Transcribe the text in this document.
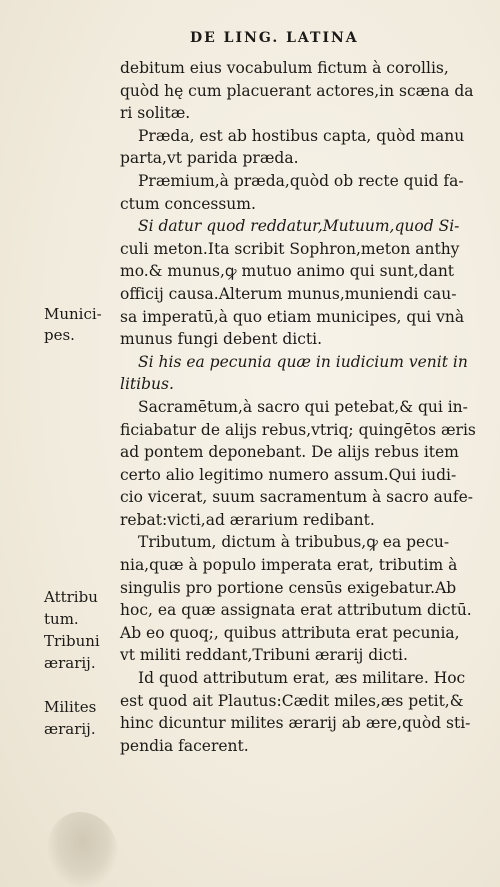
DE LING. LATINA
debitum eius vocabulum fictum à corollis,
quòd hę cum placuerant actores,in scæna da
ri solitæ.
Præda, est ab hostibus capta, quòd manu
parta,vt parida præda.
Præmium,à præda,quòd ob recte quid fa-
ctum concessum.
Si datur quod reddatur,Mutuum,quod Si-
culi meton.Ita scribit Sophron,meton anthy
mo.& munus,ꝙ mutuo animo qui sunt,dant
officij causa.Alterum munus,muniendi cau-
sa imperatū,à quo etiam municipes, qui vnà
munus fungi debent dicti.
Si his ea pecunia quæ in iudicium venit in
litibus.
Sacramētum,à sacro qui petebat,& qui in-
ficiabatur de alijs rebus,vtriq; quingētos æris
ad pontem deponebant. De alijs rebus item
certo alio legitimo numero assum.Qui iudi-
cio vicerat, suum sacramentum à sacro aufe-
rebat:victi,ad ærarium redibant.
Tributum, dictum à tribubus,ꝙ ea pecu-
nia,quæ à populo imperata erat, tributim à
singulis pro portione censūs exigebatur.Ab
hoc, ea quæ assignata erat attributum dictū.
Ab eo quoq;, quibus attributa erat pecunia,
vt militi reddant,Tribuni ærarij dicti.
Id quod attributum erat, æs militare. Hoc
est quod ait Plautus:Cædit miles,æs petit,&
hinc dicuntur milites ærarij ab ære,quòd sti-
pendia facerent.
Munici-
pes.
Attribu
tum.
Tribuni
ærarij.
Milites
ærarij.
